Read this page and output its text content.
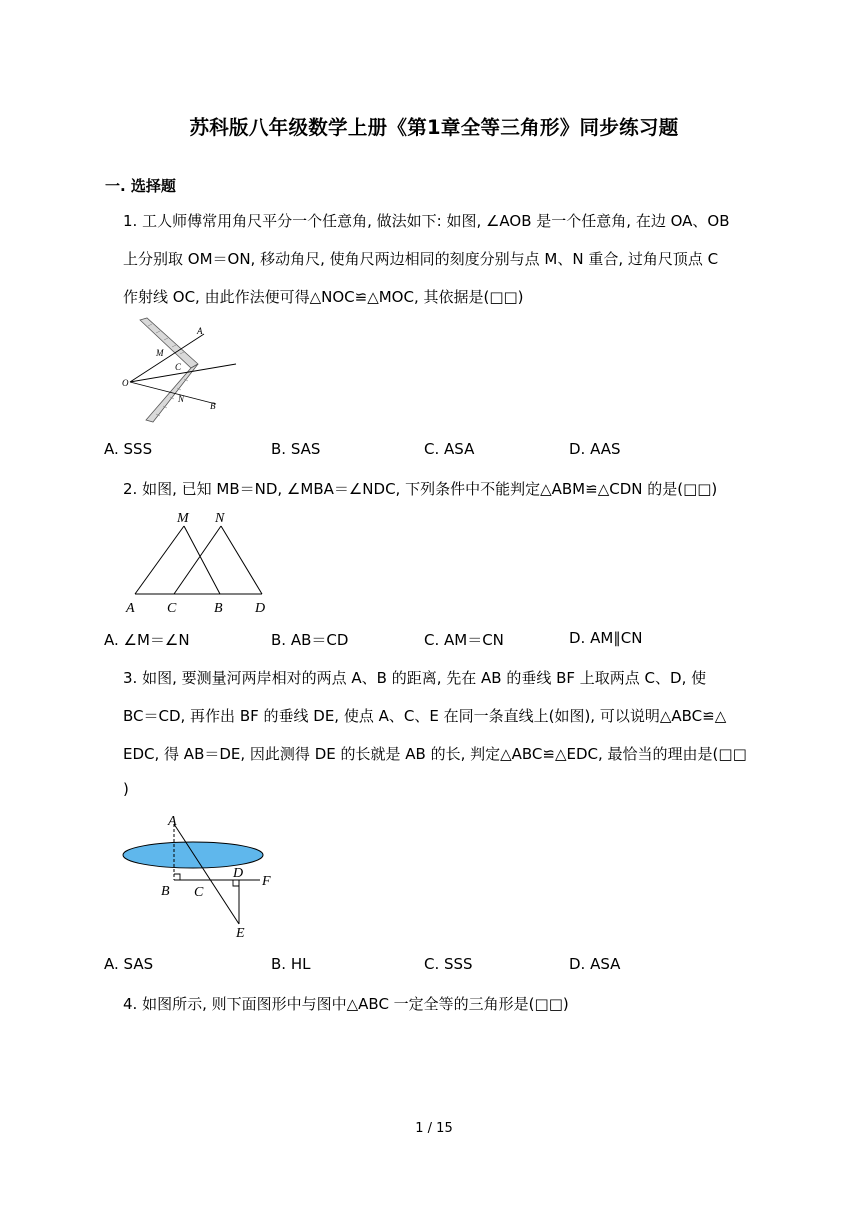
苏科版八年级数学上册《第1章全等三角形》同步练习题
一. 选择题
1. 工人师傅常用角尺平分一个任意角, 做法如下: 如图, ∠AOB 是一个任意角, 在边 OA、OB
上分别取 OM＝ON, 移动角尺, 使角尺两边相同的刻度分别与点 M、N 重合, 过角尺顶点 C
作射线 OC, 由此作法便可得△NOC≌△MOC, 其依据是(□□)
A
M
C
O
N
B
A. SSS	B. SAS	C. ASA	D. AAS
2. 如图, 已知 MB＝ND, ∠MBA＝∠NDC, 下列条件中不能判定△ABM≌△CDN 的是(□□)
M N
A C	B D
A. ∠M＝∠N	B. AB＝CD	C. AM＝CN	D. AM∥CN
3. 如图, 要测量河两岸相对的两点 A、B 的距离, 先在 AB 的垂线 BF 上取两点 C、D, 使
BC＝CD, 再作出 BF 的垂线 DE, 使点 A、C、E 在同一条直线上(如图), 可以说明△ABC≌△
EDC, 得 AB＝DE, 因此测得 DE 的长就是 AB 的长, 判定△ABC≌△EDC, 最恰当的理由是(□□
)
A
B C
D
F
E
A. SAS	B. HL	C. SSS	D. ASA
4. 如图所示, 则下面图形中与图中△ABC 一定全等的三角形是(□□)
1 / 15
